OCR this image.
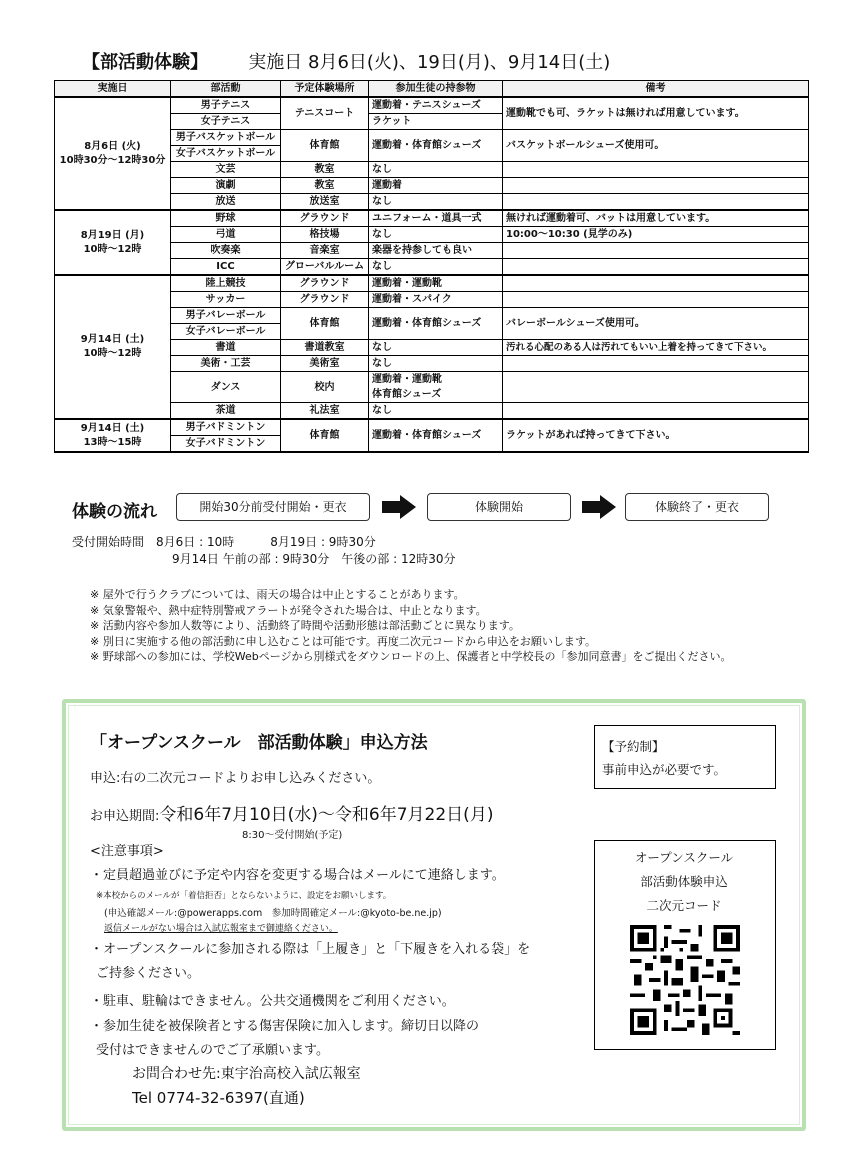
【部活動体験】 実施日 8月6日(火)、19日(月)、9月14日(土)
実施日	部活動	予定体験場所	参加生徒の持参物	備考

8月6日 (火)
10時30分～12時30分	男子テニス	テニスコート	運動着・テニスシューズ	運動靴でも可、ラケットは無ければ用意しています。
	女子テニス		ラケット	
	男子バスケットボール	体育館	運動着・体育館シューズ	バスケットボールシューズ使用可。
	女子バスケットボール			
	文芸	教室	なし	
	演劇	教室	運動着	
	放送	放送室	なし	

8月19日 (月)
10時～12時	野球	グラウンド	ユニフォーム・道具一式	無ければ運動着可、バットは用意しています。
	弓道	格技場	なし	10:00～10:30 (見学のみ)
	吹奏楽	音楽室	楽器を持参しても良い	
	ICC	グローバルルーム	なし	

9月14日 (土)
10時～12時	陸上競技	グラウンド	運動着・運動靴	
	サッカー	グラウンド	運動着・スパイク	
	男子バレーボール	体育館	運動着・体育館シューズ	バレーボールシューズ使用可。
	女子バレーボール			
	書道	書道教室	なし	汚れる心配のある人は汚れてもいい上着を持ってきて下さい。
	美術・工芸	美術室	なし	
	ダンス	校内	運動着・運動靴	
			体育館シューズ	
	茶道	礼法室	なし	

9月14日 (土)
13時～15時	男子バドミントン	体育館	運動着・体育館シューズ	ラケットがあれば持ってきて下さい。
	女子バドミントン			
体験の流れ	開始30分前受付開始・更衣	体験開始	体験終了・更衣
受付開始時間 8月6日 : 10時　　　8月19日 : 9時30分
9月14日 午前の部 : 9時30分　午後の部 : 12時30分
※ 屋外で行うクラブについては、雨天の場合は中止とすることがあります。
※ 気象警報や、熱中症特別警戒アラートが発令された場合は、中止となります。
※ 活動内容や参加人数等により、活動終了時間や活動形態は部活動ごとに異なります。
※ 別日に実施する他の部活動に申し込むことは可能です。再度二次元コードから申込をお願いします。
※ 野球部への参加には、学校Webページから別様式をダウンロードの上、保護者と中学校長の「参加同意書」をご提出ください。
「オープンスクール　部活動体験」申込方法
申込:右の二次元コードよりお申し込みください。
お申込期間:令和6年7月10日(水)～令和6年7月22日(月)
8:30～受付開始(予定)
<注意事項>
・定員超過並びに予定や内容を変更する場合はメールにて連絡します。
※本校からのメールが「着信拒否」とならないように、設定をお願いします。
(申込確認メール:@powerapps.com　参加時間確定メール:@kyoto-be.ne.jp)
返信メールがない場合は入試広報室まで御連絡ください。
・オープンスクールに参加される際は「上履き」と「下履きを入れる袋」を
ご持参ください。
・駐車、駐輪はできません。公共交通機関をご利用ください。
・参加生徒を被保険者とする傷害保険に加入します。締切日以降の
受付はできませんのでご了承願います。
お問合わせ先:東宇治高校入試広報室
Tel 0774-32-6397(直通)
【予約制】
事前申込が必要です。
オープンスクール
部活動体験申込
二次元コード
